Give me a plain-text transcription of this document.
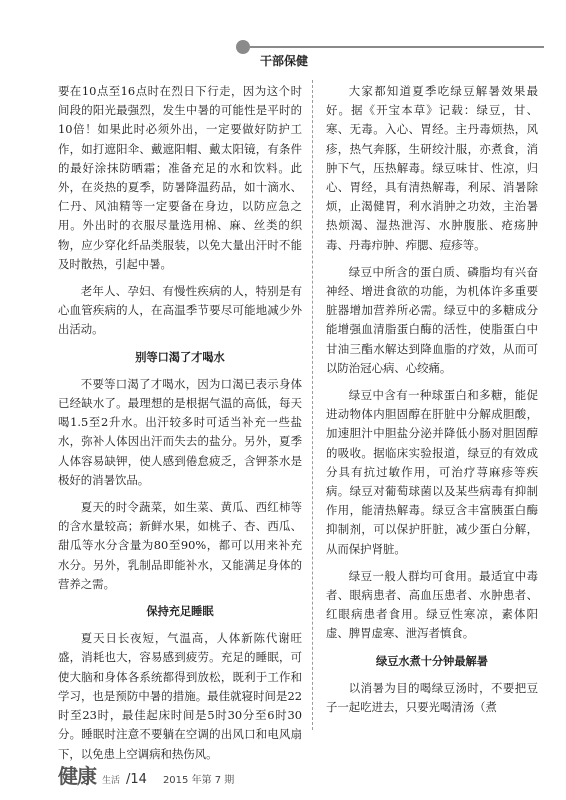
干部保健

要在10点至16点时在烈日下行走，因为这个时间段的阳光最强烈，发生中暑的可能性是平时的10倍！如果此时必须外出，一定要做好防护工作，如打遮阳伞、戴遮阳帽、戴太阳镜，有条件的最好涂抹防晒霜；准备充足的水和饮料。此外，在炎热的夏季，防暑降温药品，如十滴水、仁丹、风油精等一定要备在身边，以防应急之用。外出时的衣服尽量选用棉、麻、丝类的织物，应少穿化纤品类服装，以免大量出汗时不能及时散热，引起中暑。

老年人、孕妇、有慢性疾病的人，特别是有心血管疾病的人，在高温季节要尽可能地减少外出活动。

别等口渴了才喝水

不要等口渴了才喝水，因为口渴已表示身体已经缺水了。最理想的是根据气温的高低，每天喝1.5至2升水。出汗较多时可适当补充一些盐水，弥补人体因出汗而失去的盐分。另外，夏季人体容易缺钾，使人感到倦怠疲乏，含钾茶水是极好的消暑饮品。

夏天的时令蔬菜，如生菜、黄瓜、西红柿等的含水量较高；新鲜水果，如桃子、杏、西瓜、甜瓜等水分含量为80至90%，都可以用来补充水分。另外，乳制品即能补水，又能满足身体的营养之需。

保持充足睡眠

夏天日长夜短，气温高，人体新陈代谢旺盛，消耗也大，容易感到疲劳。充足的睡眠，可使大脑和身体各系统都得到放松，既利于工作和学习，也是预防中暑的措施。最佳就寝时间是22时至23时，最佳起床时间是5时30分至6时30分。睡眠时注意不要躺在空调的出风口和电风扇下，以免患上空调病和热伤风。

大家都知道夏季吃绿豆解暑效果最好。据《开宝本草》记载：绿豆，甘、寒、无毒。入心、胃经。主丹毒烦热，风疹，热气奔豚，生研绞汁服，亦煮食，消肿下气，压热解毒。绿豆味甘、性凉，归心、胃经，具有清热解毒，利尿、消暑除烦，止渴健胃，利水消肿之功效，主治暑热烦渴、湿热泄泻、水肿腹胀、疮疡肿毒、丹毒疖肿、痄腮、痘疹等。

绿豆中所含的蛋白质、磷脂均有兴奋神经、增进食欲的功能，为机体许多重要脏器增加营养所必需。绿豆中的多糖成分能增强血清脂蛋白酶的活性，使脂蛋白中甘油三酯水解达到降血脂的疗效，从而可以防治冠心病、心绞痛。

绿豆中含有一种球蛋白和多糖，能促进动物体内胆固醇在肝脏中分解成胆酸，加速胆汁中胆盐分泌并降低小肠对胆固醇的吸收。据临床实验报道，绿豆的有效成分具有抗过敏作用，可治疗荨麻疹等疾病。绿豆对葡萄球菌以及某些病毒有抑制作用，能清热解毒。绿豆含丰富胰蛋白酶抑制剂，可以保护肝脏，减少蛋白分解，从而保护肾脏。

绿豆一般人群均可食用。最适宜中毒者、眼病患者、高血压患者、水肿患者、红眼病患者食用。绿豆性寒凉，素体阳虚、脾胃虚寒、泄泻者慎食。

绿豆水煮十分钟最解暑

以消暑为目的喝绿豆汤时，不要把豆子一起吃进去，只要光喝清汤（煮

健康 生活 /14 2015 年第 7 期
